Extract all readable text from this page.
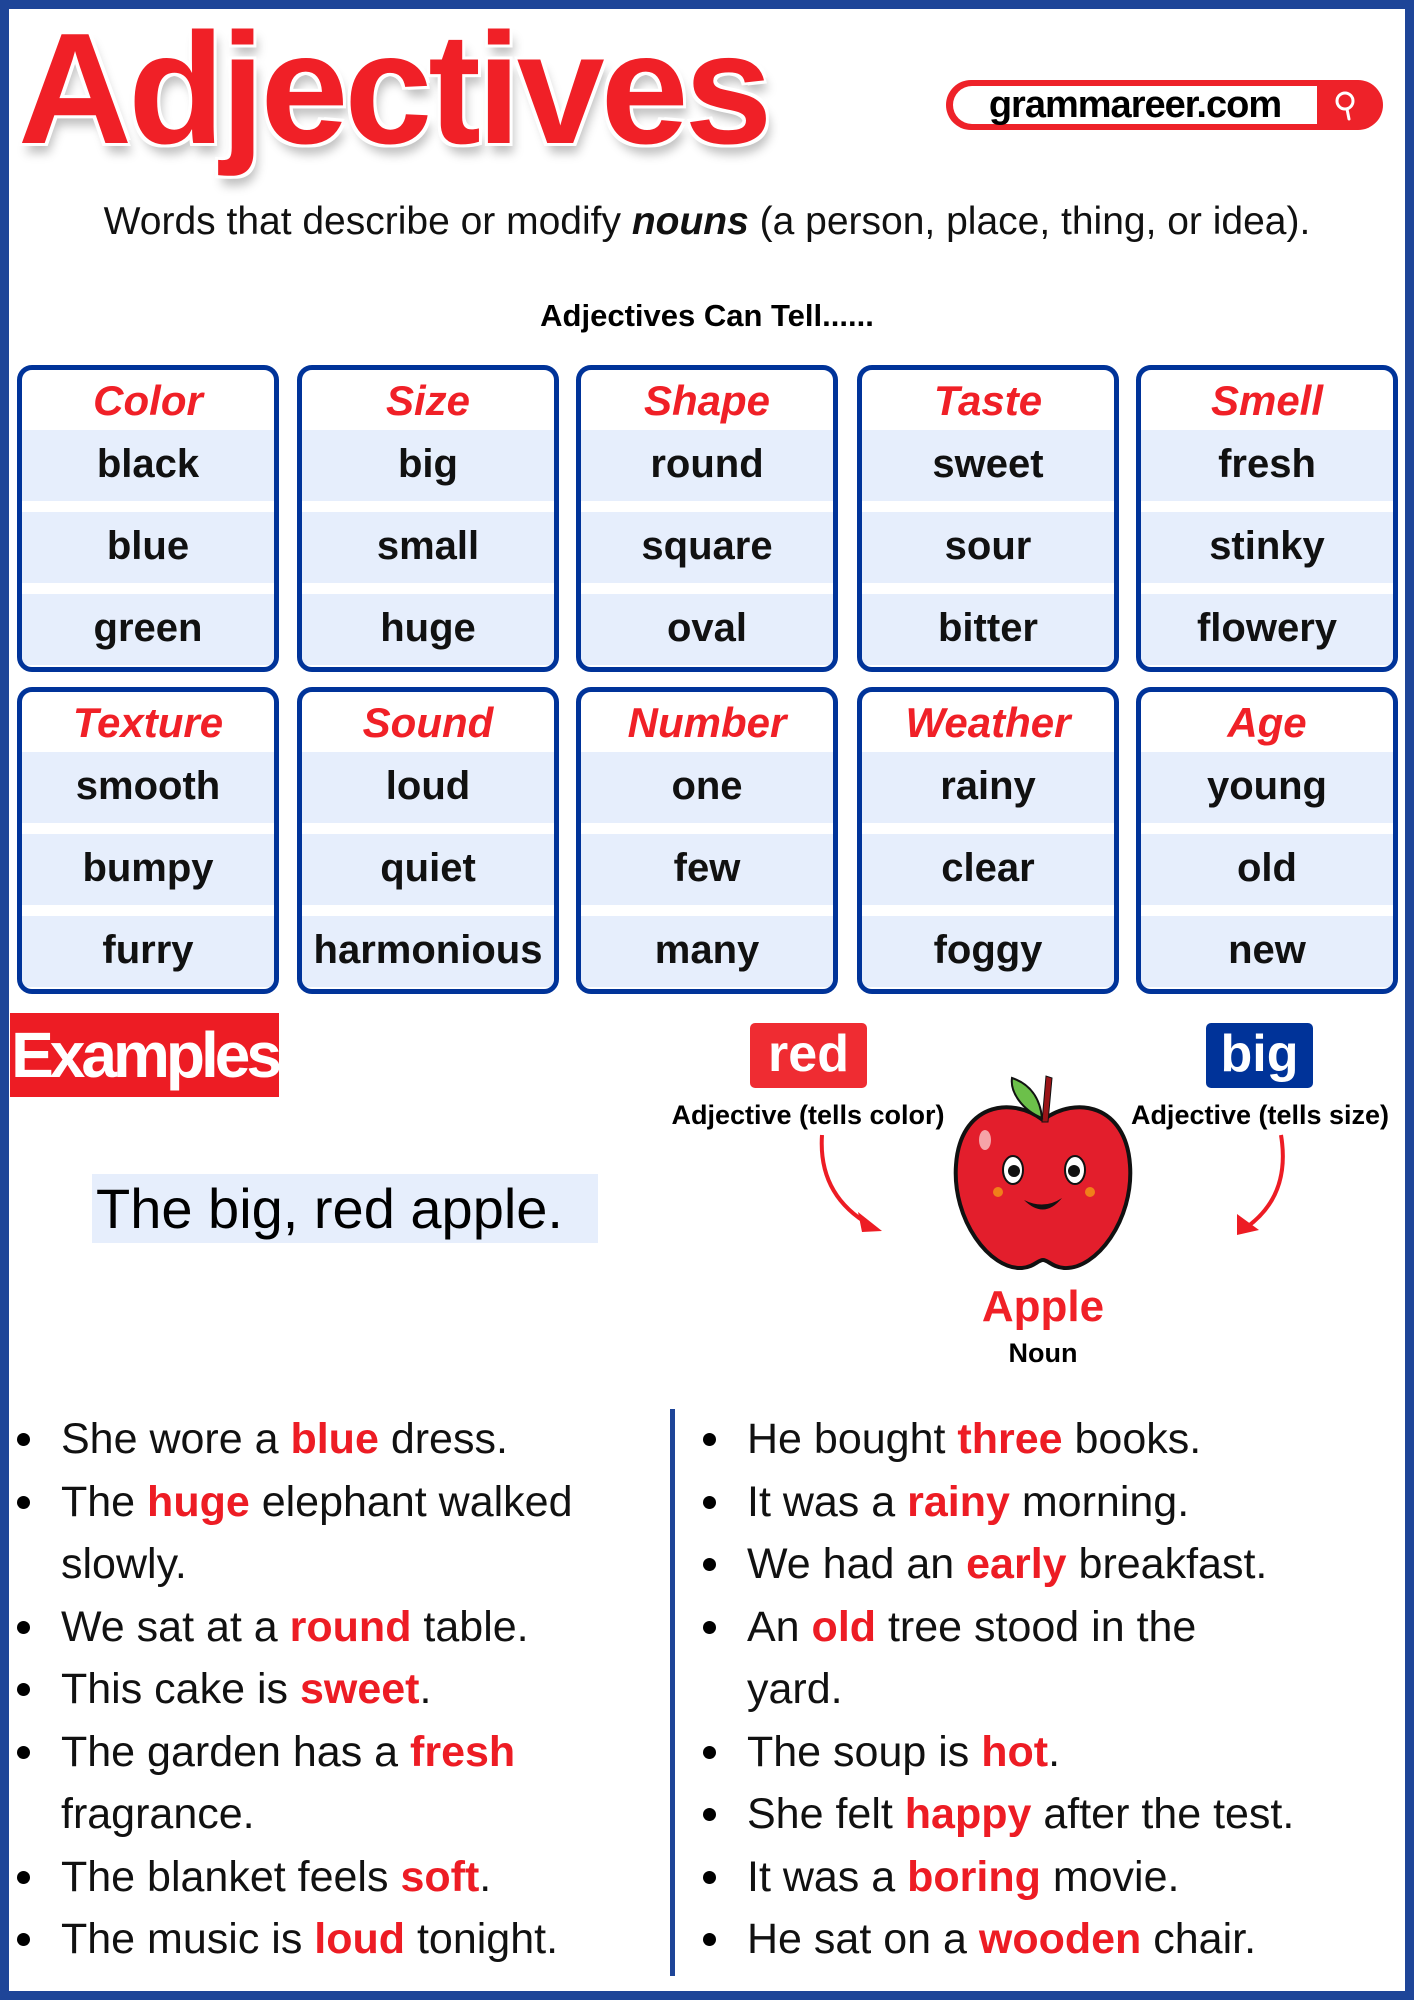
Adjectives	grammareer.com
Words that describe or modify nouns (a person, place, thing, or idea).
Adjectives Can Tell......
Color
black
blue
green
Size
big
small
huge
Shape
round
square
oval
Taste
sweet
sour
bitter
Smell
fresh
stinky
flowery
Texture
smooth
bumpy
furry
Sound
loud
quiet
harmonious
Number
one
few
many
Weather
rainy
clear
foggy
Age
young
old
new
Examples	red	big
Adjective (tells color)	Adjective (tells size)
The big, red apple.
Apple
Noun
She wore a blue dress.
The huge elephant walked
slowly.
We sat at a round table.
This cake is sweet.
The garden has a fresh
fragrance.
The blanket feels soft.
The music is loud tonight.
He bought three books.
It was a rainy morning.
We had an early breakfast.
An old tree stood in the
yard.
The soup is hot.
She felt happy after the test.
It was a boring movie.
He sat on a wooden chair.
